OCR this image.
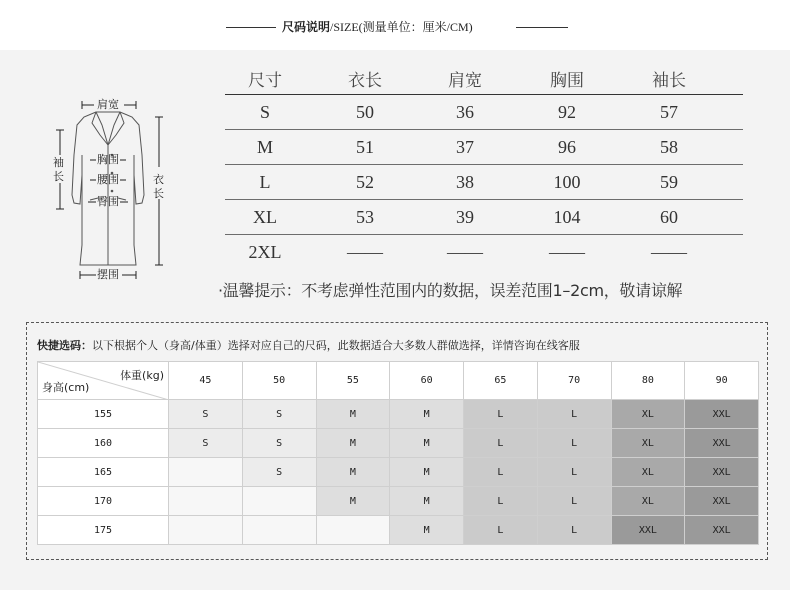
尺码说明/SIZE(测量单位：厘米/CM)
肩宽
袖
长
胸围
腰围
臀围
衣
长
摆围
尺寸	衣长	肩宽	胸围	袖长
S	50	36	92	57
M	51	37	96	58
L	52	38	100	59
XL	53	39	104	60
2XL	——	——	——	——
·温馨提示：不考虑弹性范围内的数据，误差范围1–2cm，敬请谅解
快捷选码：以下根据个人（身高/体重）选择对应自己的尺码，此数据适合大多数人群做选择，详情咨询在线客服
体重(kg)
身高(cm)	45	50	55	60	65	70	80	90
155	S	S	M	M	L	L	XL	XXL
160	S	S	M	M	L	L	XL	XXL
165		S	M	M	L	L	XL	XXL
170			M	M	L	L	XL	XXL
175				M	L	L	XXL	XXL
